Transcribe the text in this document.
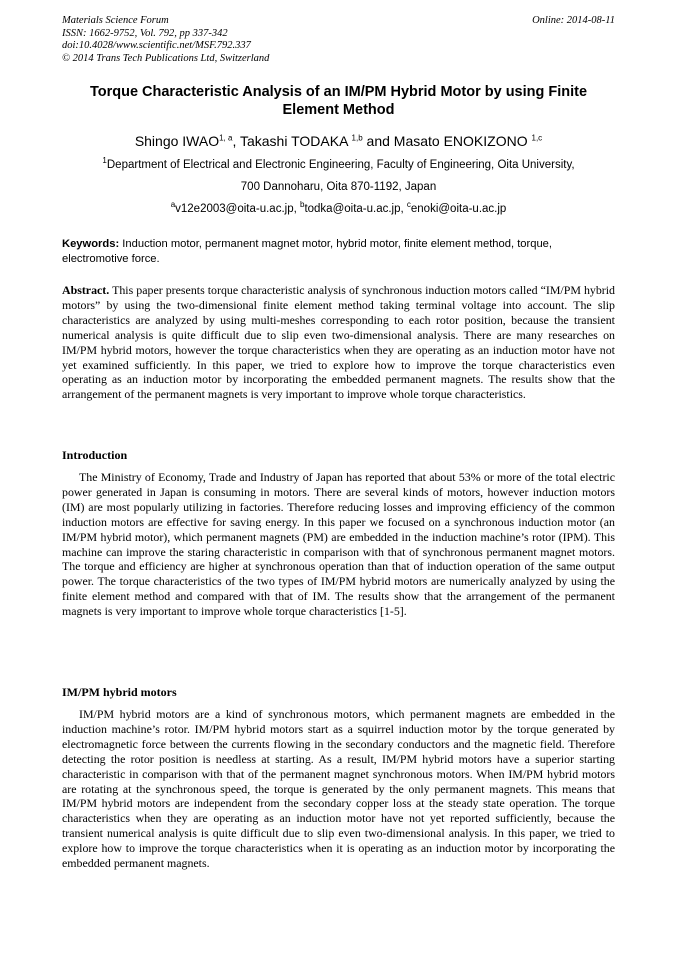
Materials Science Forum
ISSN: 1662-9752, Vol. 792, pp 337-342
doi:10.4028/www.scientific.net/MSF.792.337
© 2014 Trans Tech Publications Ltd, Switzerland
Online: 2014-08-11
Torque Characteristic Analysis of an IM/PM Hybrid Motor by using Finite Element Method
Shingo IWAO$^{1, a}$, Takashi TODAKA $^{1,b}$ and Masato ENOKIZONO $^{1,c}$
$^1$Department of Electrical and Electronic Engineering, Faculty of Engineering, Oita University,
700 Dannoharu, Oita 870-1192, Japan
$^a$v12e2003@oita-u.ac.jp, $^b$todka@oita-u.ac.jp, $^c$enoki@oita-u.ac.jp
Keywords: Induction motor, permanent magnet motor, hybrid motor, finite element method, torque, electromotive force.
Abstract. This paper presents torque characteristic analysis of synchronous induction motors called “IM/PM hybrid motors” by using the two-dimensional finite element method taking terminal voltage into account. The slip characteristics are analyzed by using multi-meshes corresponding to each rotor position, because the transient numerical analysis is quite difficult due to slip even two-dimensional analysis. There are many researches on IM/PM hybrid motors, however the torque characteristics when they are operating as an induction motor have not yet examined sufficiently. In this paper, we tried to explore how to improve the torque characteristics even operating as an induction motor by incorporating the embedded permanent magnets. The results show that the arrangement of the permanent magnets is very important to improve whole torque characteristics.
Introduction
The Ministry of Economy, Trade and Industry of Japan has reported that about 53% or more of the total electric power generated in Japan is consuming in motors. There are several kinds of motors, however induction motors (IM) are most popularly utilizing in factories. Therefore reducing losses and improving efficiency of the common induction motors are effective for saving energy. In this paper we focused on a synchronous induction motor (an IM/PM hybrid motor), which permanent magnets (PM) are embedded in the induction machine’s rotor (IPM). This machine can improve the staring characteristic in comparison with that of synchronous permanent magnet motors. The torque and efficiency are higher at synchronous operation than that of induction operation of the same output power. The torque characteristics of the two types of IM/PM hybrid motors are numerically analyzed by using the finite element method and compared with that of IM. The results show that the arrangement of the permanent magnets is very important to improve whole torque characteristics [1-5].
IM/PM hybrid motors
IM/PM hybrid motors are a kind of synchronous motors, which permanent magnets are embedded in the induction machine’s rotor. IM/PM hybrid motors start as a squirrel induction motor by the torque generated by electromagnetic force between the currents flowing in the secondary conductors and the magnetic field. Therefore detecting the rotor position is needless at starting. As a result, IM/PM hybrid motors have a superior starting characteristic in comparison with that of the permanent magnet synchronous motors. When IM/PM hybrid motors are rotating at the synchronous speed, the torque is generated by the only permanent magnets. This means that IM/PM hybrid motors are independent from the secondary copper loss at the steady state operation. The torque characteristics when they are operating as an induction motor have not yet reported sufficiently, because the transient numerical analysis is quite difficult due to slip even two-dimensional analysis. In this paper, we tried to explore how to improve the torque characteristics when it is operating as an induction motor by incorporating the embedded permanent magnets.
